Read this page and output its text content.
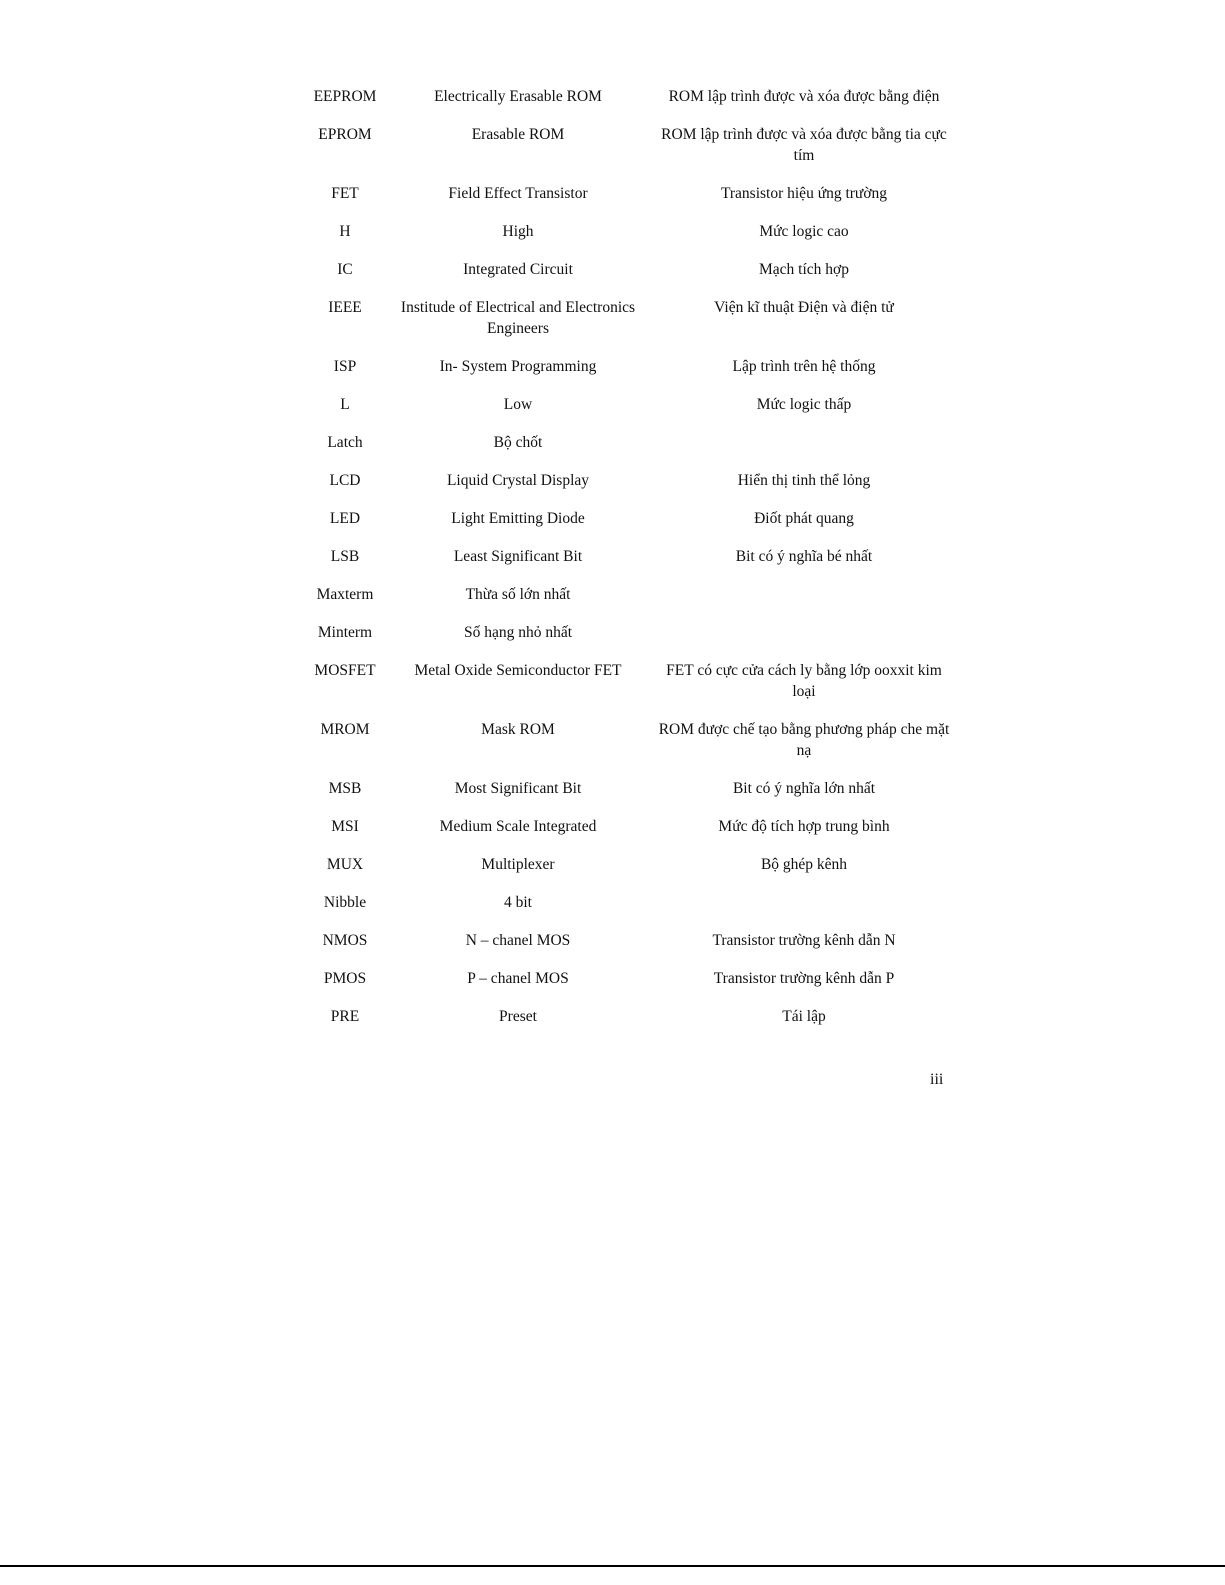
EEPROM	Electrically Erasable ROM	ROM lập trình được và xóa được bằng điện
EPROM	Erasable ROM	ROM lập trình được và xóa được bằng tia cực tím
FET	Field Effect Transistor	Transistor hiệu ứng trường
H	High	Mức logic cao
IC	Integrated Circuit	Mạch tích hợp
IEEE	Institude of Electrical and Electronics Engineers	Viện kĩ thuật Điện và điện tử
ISP	In- System Programming	Lập trình trên hệ thống
L	Low	Mức logic thấp
Latch	Bộ chốt	
LCD	Liquid Crystal Display	Hiển thị tinh thể lỏng
LED	Light Emitting Diode	Điốt phát quang
LSB	Least Significant Bit	Bit có ý nghĩa bé nhất
Maxterm	Thừa số lớn nhất	
Minterm	Số hạng nhỏ nhất	
MOSFET	Metal Oxide Semiconductor FET	FET có cực cửa cách ly bằng lớp ooxxit kim loại
MROM	Mask ROM	ROM được chế tạo bằng phương pháp che mặt nạ
MSB	Most Significant Bit	Bit có ý nghĩa lớn nhất
MSI	Medium Scale Integrated	Mức độ tích hợp trung bình
MUX	Multiplexer	Bộ ghép kênh
Nibble	4 bit	
NMOS	N – chanel MOS	Transistor trường kênh dẫn N
PMOS	P – chanel MOS	Transistor trường kênh dẫn P
PRE	Preset	Tái lập
iii
